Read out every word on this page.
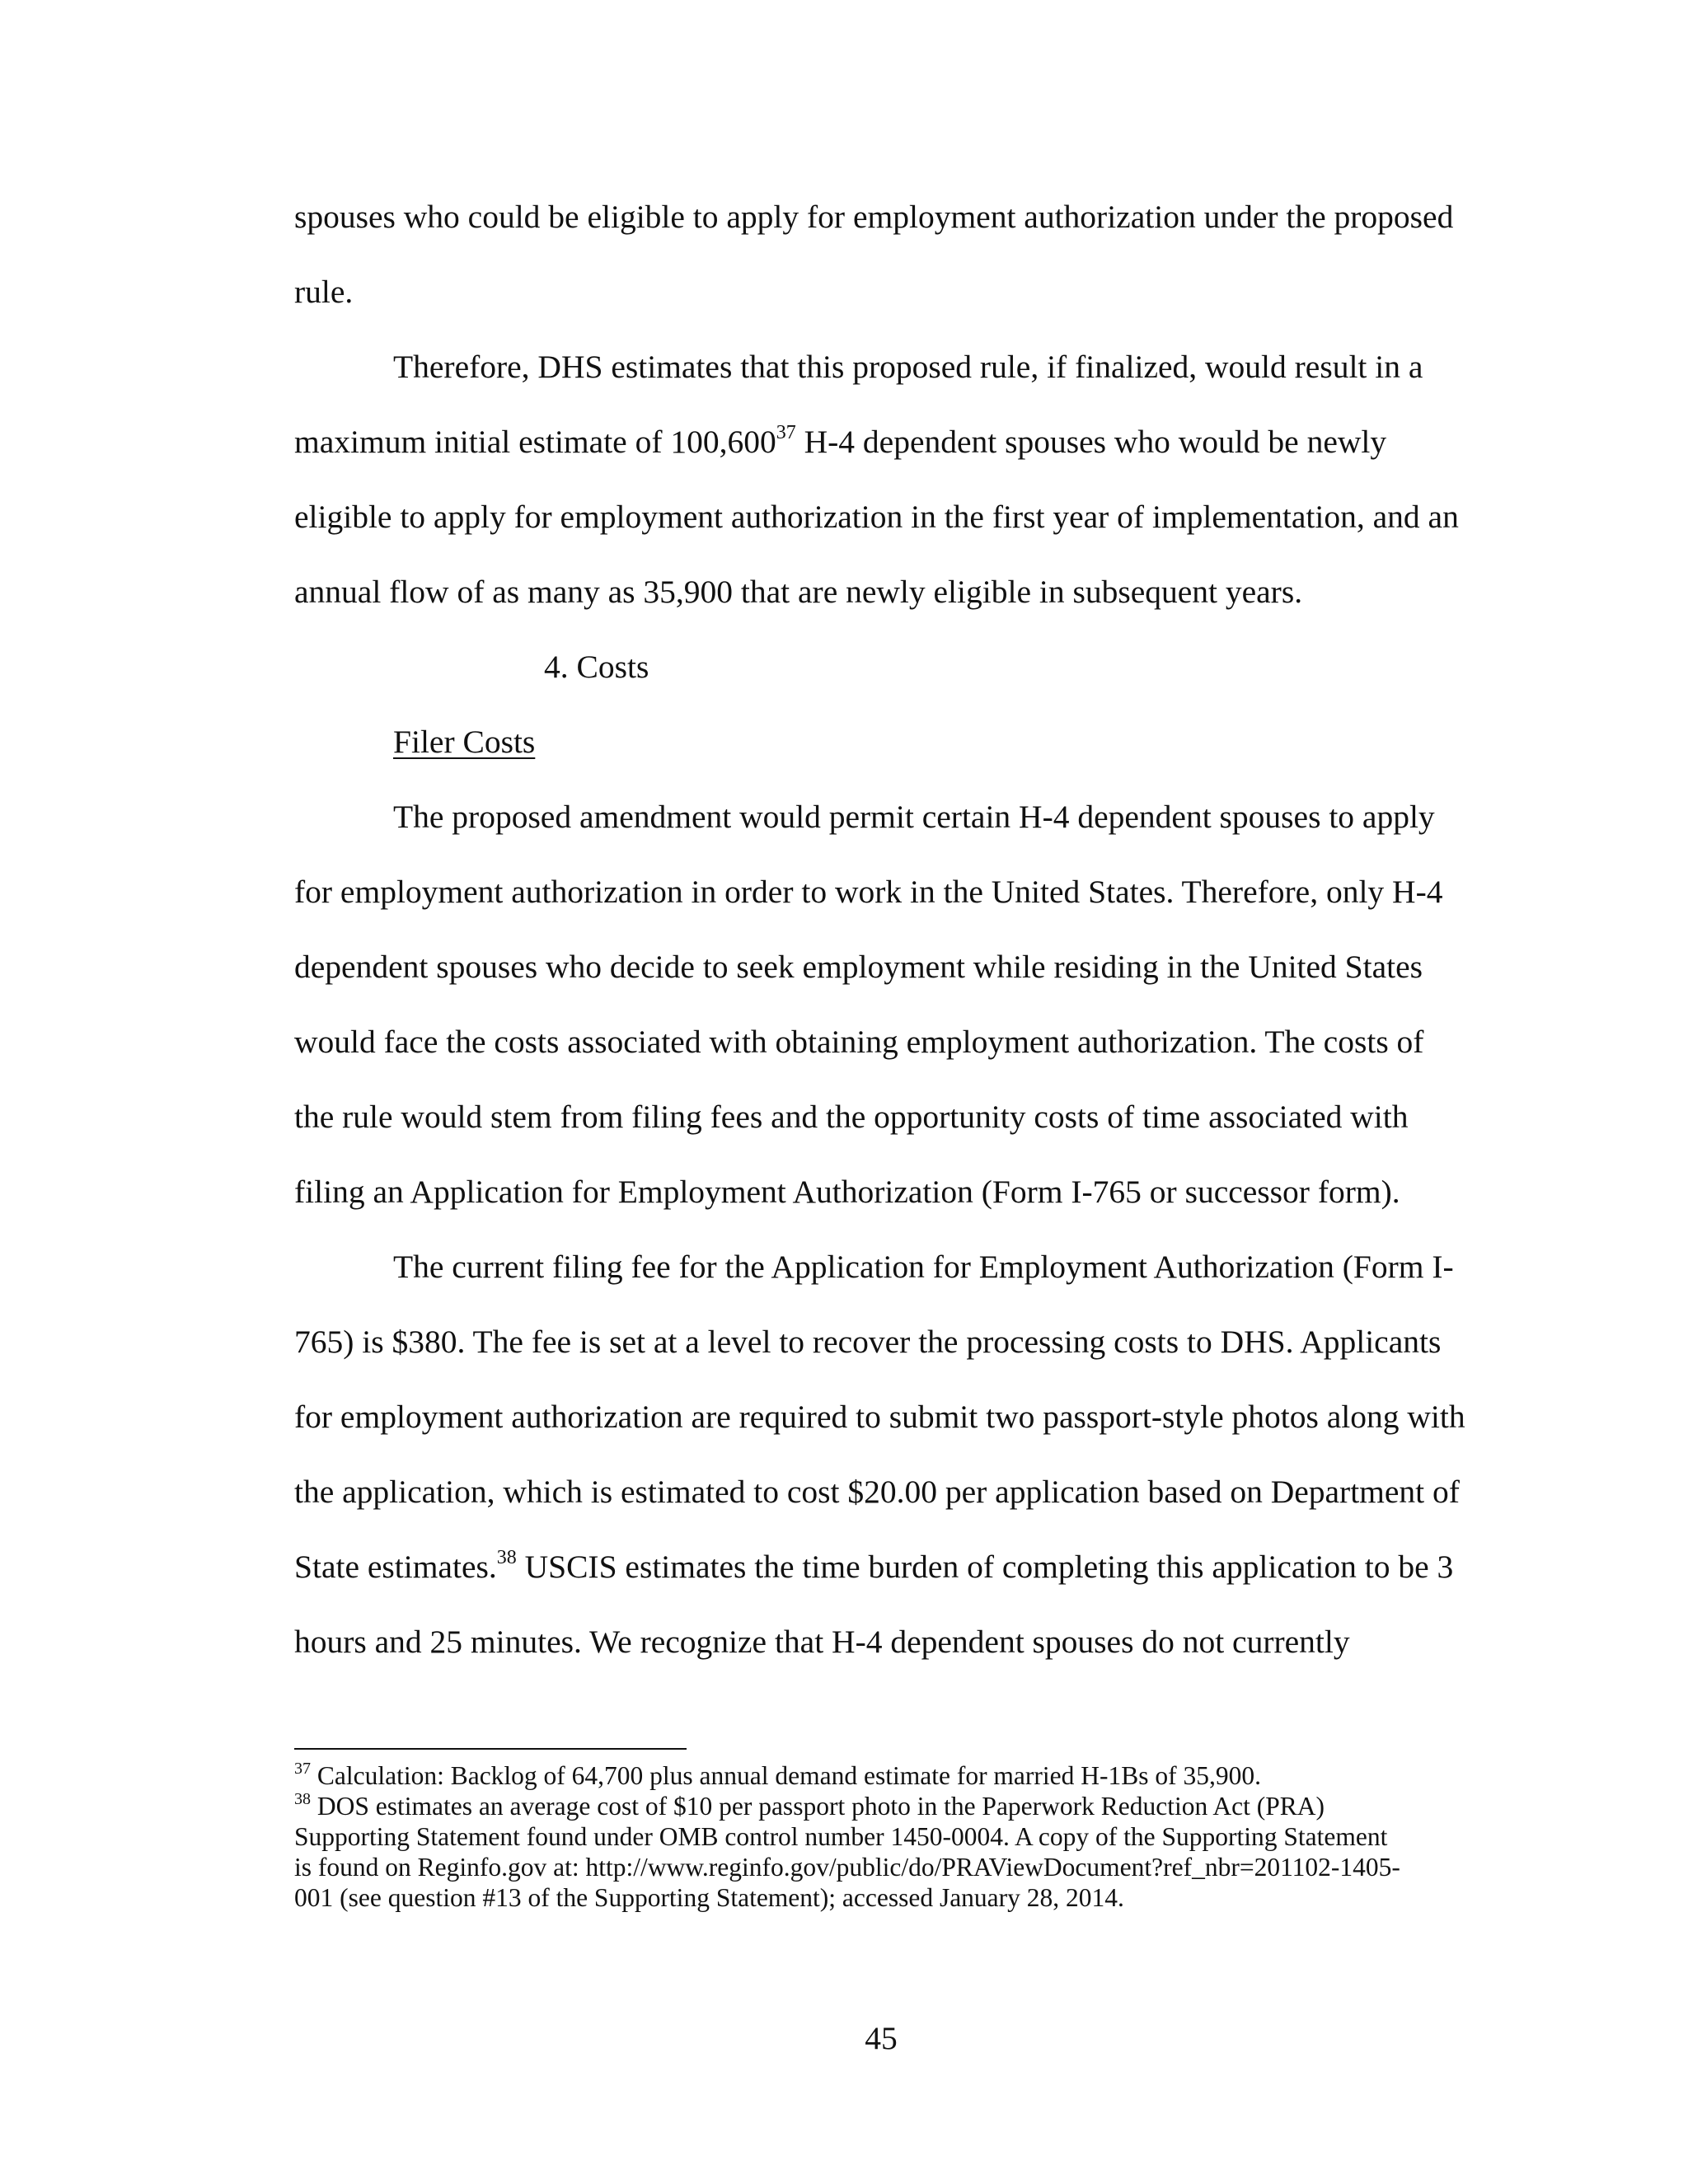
spouses who could be eligible to apply for employment authorization under the proposed
rule.
Therefore, DHS estimates that this proposed rule, if finalized, would result in a
maximum initial estimate of 100,600$^{37}$ H-4 dependent spouses who would be newly
eligible to apply for employment authorization in the first year of implementation, and an
annual flow of as many as 35,900 that are newly eligible in subsequent years.
4. Costs
Filer Costs
The proposed amendment would permit certain H-4 dependent spouses to apply
for employment authorization in order to work in the United States. Therefore, only H-4
dependent spouses who decide to seek employment while residing in the United States
would face the costs associated with obtaining employment authorization. The costs of
the rule would stem from filing fees and the opportunity costs of time associated with
filing an Application for Employment Authorization (Form I-765 or successor form).
The current filing fee for the Application for Employment Authorization (Form I-
765) is $380. The fee is set at a level to recover the processing costs to DHS. Applicants
for employment authorization are required to submit two passport-style photos along with
the application, which is estimated to cost $20.00 per application based on Department of
State estimates.$^{38}$ USCIS estimates the time burden of completing this application to be 3
hours and 25 minutes. We recognize that H-4 dependent spouses do not currently
$^{37}$ Calculation: Backlog of 64,700 plus annual demand estimate for married H-1Bs of 35,900.
$^{38}$ DOS estimates an average cost of $10 per passport photo in the Paperwork Reduction Act (PRA)
Supporting Statement found under OMB control number 1450-0004. A copy of the Supporting Statement
is found on Reginfo.gov at: http://www.reginfo.gov/public/do/PRAViewDocument?ref_nbr=201102-1405-
001 (see question #13 of the Supporting Statement); accessed January 28, 2014.
45
